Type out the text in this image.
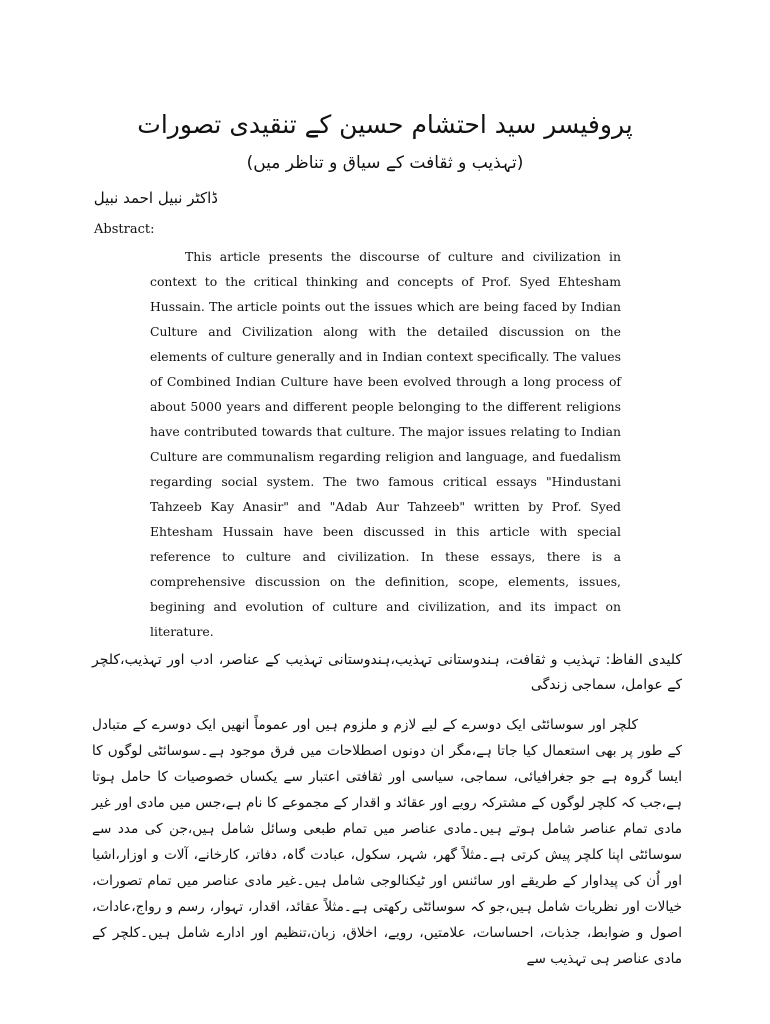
پروفیسر سید احتشام حسین کے تنقیدی تصورات
(تہذیب و ثقافت کے سیاق و تناظر میں)
ڈاکٹر نبیل احمد نبیل
Abstract:
This article presents the discourse of culture and civilization in context to the critical thinking and concepts of Prof. Syed Ehtesham Hussain. The article points out the issues which are being faced by Indian Culture and Civilization along with the detailed discussion on the elements of culture generally and in Indian context specifically. The values of Combined Indian Culture have been evolved through a long process of about 5000 years and different people belonging to the different religions have contributed towards that culture. The major issues relating to Indian Culture are communalism regarding religion and language, and fuedalism regarding social system. The two famous critical essays "Hindustani Tahzeeb Kay Anasir" and "Adab Aur Tahzeeb" written by Prof. Syed Ehtesham Hussain have been discussed in this article with special reference to culture and civilization. In these essays, there is a comprehensive discussion on the definition, scope, elements, issues, begining and evolution of culture and civilization, and its impact on literature.
کلیدی الفاظ: تہذیب و ثقافت، ہندوستانی تہذیب،ہندوستانی تہذیب کے عناصر، ادب اور تہذیب،کلچر کے عوامل، سماجی زندگی
کلچر اور سوسائٹی ایک دوسرے کے لیے لازم و ملزوم ہیں اور عموماً انھیں ایک دوسرے کے متبادل کے طور پر بھی استعمال کیا جاتا ہے،مگر ان دونوں اصطلاحات میں فرق موجود ہے۔سوسائٹی لوگوں کا ایسا گروہ ہے جو جغرافیائی، سماجی، سیاسی اور ثقافتی اعتبار سے یکساں خصوصیات کا حامل ہوتا ہے،جب کہ کلچر لوگوں کے مشترکہ رویے اور عقائد و اقدار کے مجموعے کا نام ہے،جس میں مادی اور غیر مادی تمام عناصر شامل ہوتے ہیں۔مادی عناصر میں تمام طبعی وسائل شامل ہیں،جن کی مدد سے سوسائٹی اپنا کلچر پیش کرتی ہے۔مثلاً گھر، شہر، سکول، عبادت گاہ، دفاتر، کارخانے، آلات و اوزار،اشیا اور اُن کی پیداوار کے طریقے اور سائنس اور ٹیکنالوجی شامل ہیں۔غیر مادی عناصر میں تمام تصورات، خیالات اور نظریات شامل ہیں،جو کہ سوسائٹی رکھتی ہے۔مثلاً عقائد، اقدار، تہوار، رسم و رواج،عادات، اصول و ضوابط، جذبات، احساسات، علامتیں، رویے، اخلاق، زبان،تنظیم اور ادارے شامل ہیں۔کلچر کے مادی عناصر ہی تہذیب سے
